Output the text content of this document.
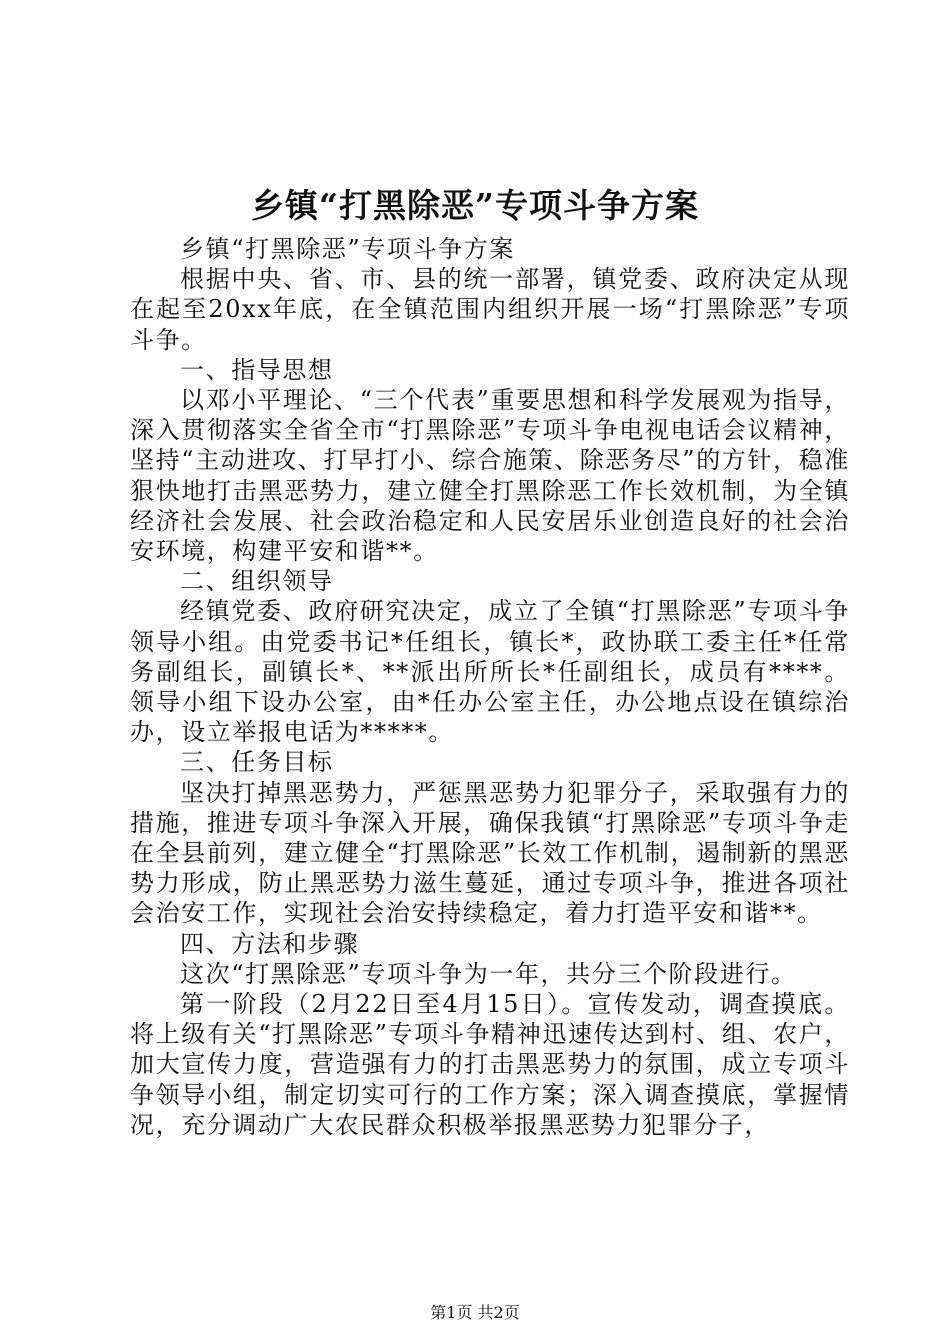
乡镇“打黑除恶”专项斗争方案

乡镇“打黑除恶”专项斗争方案

根据中央、省、市、县的统一部署，镇党委、政府决定从现在起至20xx年底，在全镇范围内组织开展一场“打黑除恶”专项斗争。

一、指导思想

以邓小平理论、“三个代表”重要思想和科学发展观为指导，深入贯彻落实全省全市“打黑除恶”专项斗争电视电话会议精神，坚持“主动进攻、打早打小、综合施策、除恶务尽”的方针，稳准狠快地打击黑恶势力，建立健全打黑除恶工作长效机制，为全镇经济社会发展、社会政治稳定和人民安居乐业创造良好的社会治安环境，构建平安和谐**。

二、组织领导

经镇党委、政府研究决定，成立了全镇“打黑除恶”专项斗争领导小组。由党委书记*任组长，镇长*，政协联工委主任*任常务副组长，副镇长*、**派出所所长*任副组长，成员有****。领导小组下设办公室，由*任办公室主任，办公地点设在镇综治办，设立举报电话为*****。

三、任务目标

坚决打掉黑恶势力，严惩黑恶势力犯罪分子，采取强有力的措施，推进专项斗争深入开展，确保我镇“打黑除恶”专项斗争走在全县前列，建立健全“打黑除恶”长效工作机制，遏制新的黑恶势力形成，防止黑恶势力滋生蔓延，通过专项斗争，推进各项社会治安工作，实现社会治安持续稳定，着力打造平安和谐**。

四、方法和步骤

这次“打黑除恶”专项斗争为一年，共分三个阶段进行。

第一阶段（2月22日至4月15日）。宣传发动，调查摸底。将上级有关“打黑除恶”专项斗争精神迅速传达到村、组、农户，加大宣传力度，营造强有力的打击黑恶势力的氛围，成立专项斗争领导小组，制定切实可行的工作方案；深入调查摸底，掌握情况，充分调动广大农民群众积极举报黑恶势力犯罪分子，

第1页 共2页
